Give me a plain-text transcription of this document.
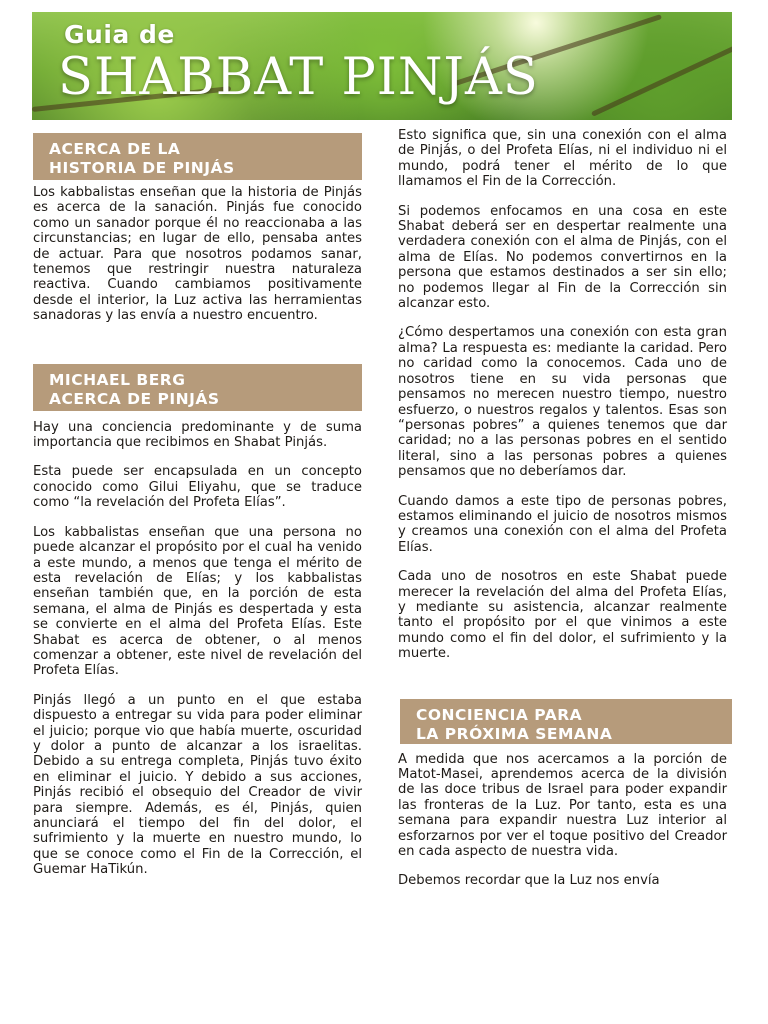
Guia de
SHABBAT PINJÁS
ACERCA DE LA
HISTORIA DE PINJÁS

Los kabbalistas enseñan que la historia de Pinjás es acerca de la sanación. Pinjás fue conocido como un sanador porque él no reaccionaba a las circunstancias; en lugar de ello, pensaba antes de actuar. Para que nosotros podamos sanar, tenemos que restringir nuestra naturaleza reactiva. Cuando cambiamos positivamente desde el interior, la Luz activa las herramientas sanadoras y las envía a nuestro encuentro.

MICHAEL BERG
ACERCA DE PINJÁS

Hay una conciencia predominante y de suma importancia que recibimos en Shabat Pinjás.

Esta puede ser encapsulada en un concepto conocido como Gilui Eliyahu, que se traduce como “la revelación del Profeta Elías”.

Los kabbalistas enseñan que una persona no puede alcanzar el propósito por el cual ha venido a este mundo, a menos que tenga el mérito de esta revelación de Elías; y los kabbalistas enseñan también que, en la porción de esta semana, el alma de Pinjás es despertada y esta se convierte en el alma del Profeta Elías. Este Shabat es acerca de obtener, o al menos comenzar a obtener, este nivel de revelación del Profeta Elías.

Pinjás llegó a un punto en el que estaba dispuesto a entregar su vida para poder eliminar el juicio; porque vio que había muerte, oscuridad y dolor a punto de alcanzar a los israelitas. Debido a su entrega completa, Pinjás tuvo éxito en eliminar el juicio. Y debido a sus acciones, Pinjás recibió el obsequio del Creador de vivir para siempre. Además, es él, Pinjás, quien anunciará el tiempo del fin del dolor, el sufrimiento y la muerte en nuestro mundo, lo que se conoce como el Fin de la Corrección, el Guemar HaTikún.

Esto significa que, sin una conexión con el alma de Pinjás, o del Profeta Elías, ni el individuo ni el mundo, podrá tener el mérito de lo que llamamos el Fin de la Corrección.

Si podemos enfocamos en una cosa en este Shabat deberá ser en despertar realmente una verdadera conexión con el alma de Pinjás, con el alma de Elías. No podemos convertirnos en la persona que estamos destinados a ser sin ello; no podemos llegar al Fin de la Corrección sin alcanzar esto.

¿Cómo despertamos una conexión con esta gran alma? La respuesta es: mediante la caridad. Pero no caridad como la conocemos. Cada uno de nosotros tiene en su vida personas que pensamos no merecen nuestro tiempo, nuestro esfuerzo, o nuestros regalos y talentos. Esas son “personas pobres” a quienes tenemos que dar caridad; no a las personas pobres en el sentido literal, sino a las personas pobres a quienes pensamos que no deberíamos dar.

Cuando damos a este tipo de personas pobres, estamos eliminando el juicio de nosotros mismos y creamos una conexión con el alma del Profeta Elías.

Cada uno de nosotros en este Shabat puede merecer la revelación del alma del Profeta Elías, y mediante su asistencia, alcanzar realmente tanto el propósito por el que vinimos a este mundo como el fin del dolor, el sufrimiento y la muerte.

CONCIENCIA PARA
LA PRÓXIMA SEMANA

A medida que nos acercamos a la porción de Matot-Masei, aprendemos acerca de la división de las doce tribus de Israel para poder expandir las fronteras de la Luz. Por tanto, esta es una semana para expandir nuestra Luz interior al esforzarnos por ver el toque positivo del Creador en cada aspecto de nuestra vida.

Debemos recordar que la Luz nos envía
